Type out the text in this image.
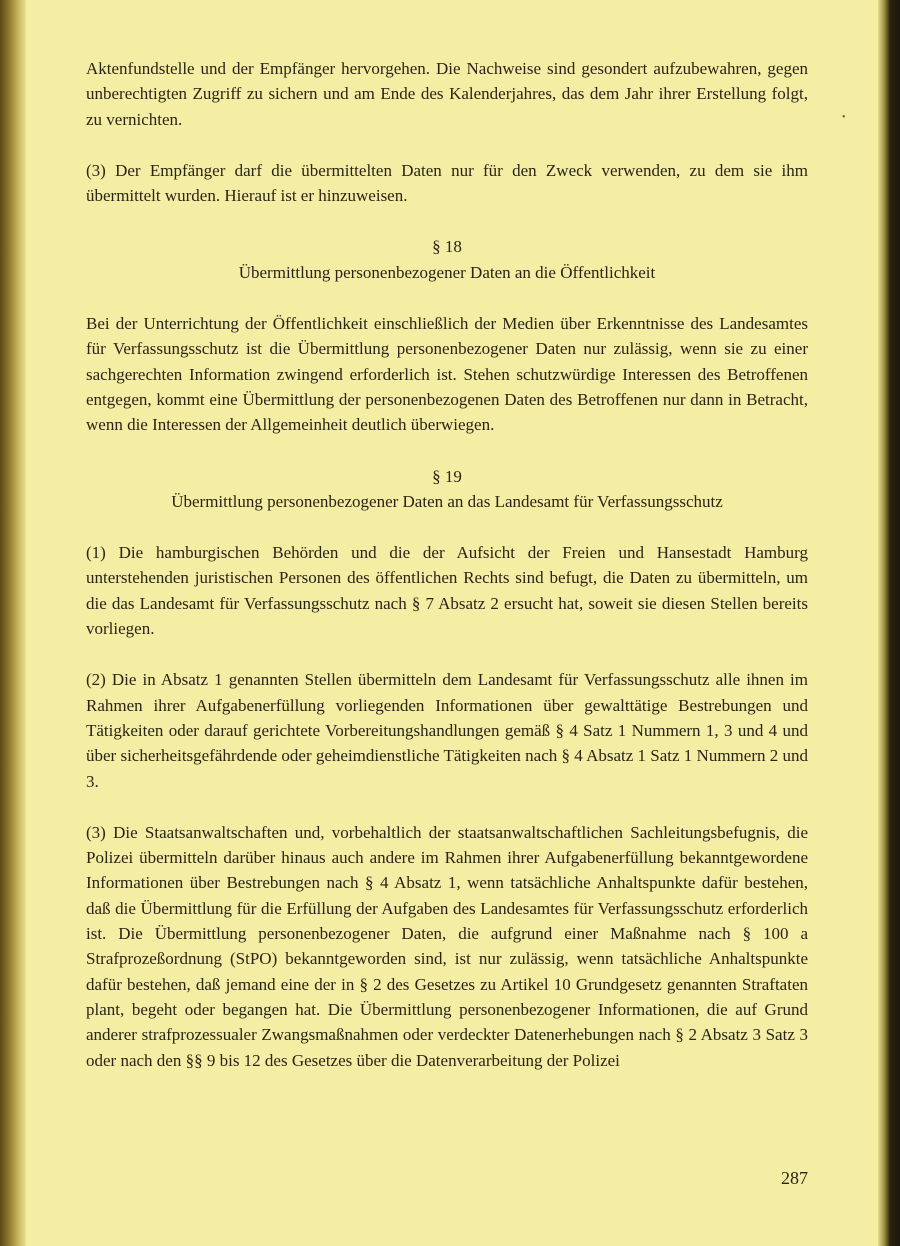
Aktenfundstelle und der Empfänger hervorgehen. Die Nachweise sind gesondert aufzubewahren, gegen unberechtigten Zugriff zu sichern und am Ende des Kalenderjahres, das dem Jahr ihrer Erstellung folgt, zu vernichten.

(3) Der Empfänger darf die übermittelten Daten nur für den Zweck verwenden, zu dem sie ihm übermittelt wurden. Hierauf ist er hinzuweisen.

§ 18
Übermittlung personenbezogener Daten an die Öffentlichkeit

Bei der Unterrichtung der Öffentlichkeit einschließlich der Medien über Erkenntnisse des Landesamtes für Verfassungsschutz ist die Übermittlung personenbezogener Daten nur zulässig, wenn sie zu einer sachgerechten Information zwingend erforderlich ist. Stehen schutzwürdige Interessen des Betroffenen entgegen, kommt eine Übermittlung der personenbezogenen Daten des Betroffenen nur dann in Betracht, wenn die Interessen der Allgemeinheit deutlich überwiegen.

§ 19
Übermittlung personenbezogener Daten an das Landesamt für Verfassungsschutz

(1) Die hamburgischen Behörden und die der Aufsicht der Freien und Hansestadt Hamburg unterstehenden juristischen Personen des öffentlichen Rechts sind befugt, die Daten zu übermitteln, um die das Landesamt für Verfassungsschutz nach § 7 Absatz 2 ersucht hat, soweit sie diesen Stellen bereits vorliegen.

(2) Die in Absatz 1 genannten Stellen übermitteln dem Landesamt für Verfassungsschutz alle ihnen im Rahmen ihrer Aufgabenerfüllung vorliegenden Informationen über gewalttätige Bestrebungen und Tätigkeiten oder darauf gerichtete Vorbereitungshandlungen gemäß § 4 Satz 1 Nummern 1, 3 und 4 und über sicherheitsgefährdende oder geheimdienstliche Tätigkeiten nach § 4 Absatz 1 Satz 1 Nummern 2 und 3.

(3) Die Staatsanwaltschaften und, vorbehaltlich der staatsanwaltschaftlichen Sachleitungsbefugnis, die Polizei übermitteln darüber hinaus auch andere im Rahmen ihrer Aufgabenerfüllung bekanntgewordene Informationen über Bestrebungen nach § 4 Absatz 1, wenn tatsächliche Anhaltspunkte dafür bestehen, daß die Übermittlung für die Erfüllung der Aufgaben des Landesamtes für Verfassungsschutz erforderlich ist. Die Übermittlung personenbezogener Daten, die aufgrund einer Maßnahme nach § 100 a Strafprozeßordnung (StPO) bekanntgeworden sind, ist nur zulässig, wenn tatsächliche Anhaltspunkte dafür bestehen, daß jemand eine der in § 2 des Gesetzes zu Artikel 10 Grundgesetz genannten Straftaten plant, begeht oder begangen hat. Die Übermittlung personenbezogener Informationen, die auf Grund anderer strafprozessualer Zwangsmaßnahmen oder verdeckter Datenerhebungen nach § 2 Absatz 3 Satz 3 oder nach den §§ 9 bis 12 des Gesetzes über die Datenverarbeitung der Polizei

•
287
